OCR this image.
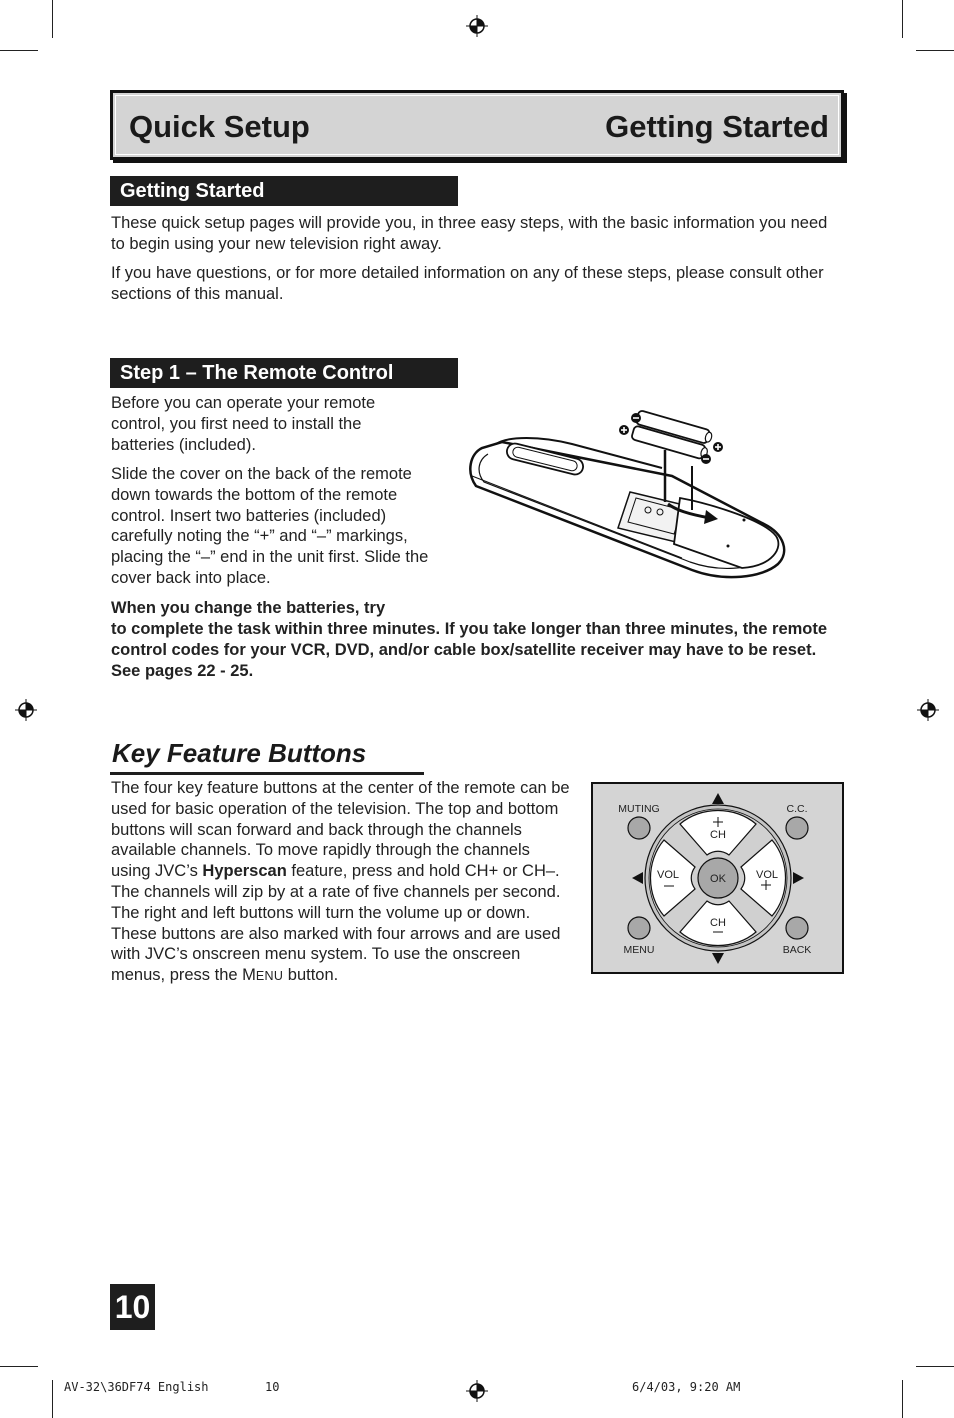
Quick Setup	Getting Started
Getting Started
These quick setup pages will provide you, in three easy steps, with the basic information you need to begin using your new television right away.
If you have questions, or for more detailed information on any of these steps, please consult other sections of this manual.
Step 1 – The Remote Control
Before you can operate your remote control, you first need to install the batteries (included).
Slide the cover on the back of the remote down towards the bottom of the remote control. Insert two batteries (included) carefully noting the “+” and “–” markings, placing the “–” end in the unit first. Slide the cover back into place.
When you change the batteries, try
to complete the task within three minutes. If you take longer than three minutes, the remote control codes for your VCR, DVD, and/or cable box/satellite receiver may have to be reset. See pages 22 - 25.
Key Feature Buttons
The four key feature buttons at the center of the remote can be used for basic operation of the television. The top and bottom buttons will scan forward and back through the channels available channels. To move rapidly through the channels using JVC’s Hyperscan feature, press and hold CH+ or CH–. The channels will zip by at a rate of five channels per second. The right and left buttons will turn the volume up or down. These buttons are also marked with four arrows and are used with JVC’s onscreen menu system. To use the onscreen menus, press the MENU button.
MUTING	C.C.
MENU	BACK
OK
CH
CH
VOL	VOL
10
AV-32\36DF74 English	10	6/4/03, 9:20 AM
